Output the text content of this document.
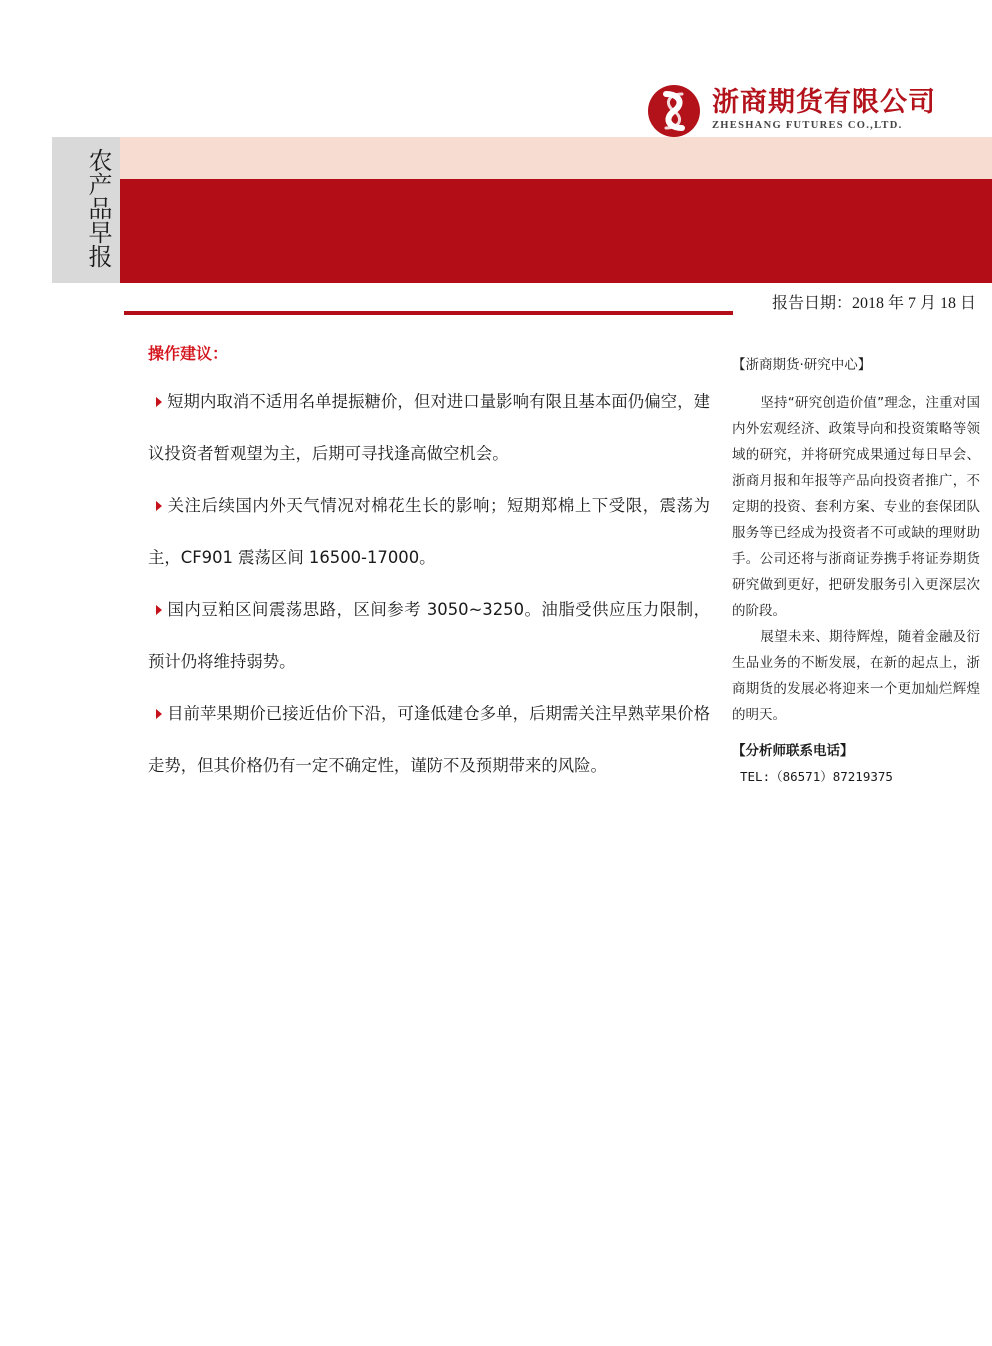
浙商期货有限公司
ZHESHANG FUTURES CO.,LTD.
农产品早报
报告日期：2018 年 7 月 18 日
操作建议：
短期内取消不适用名单提振糖价，但对进口量影响有限且基本面仍偏空，建议投资者暂观望为主，后期可寻找逢高做空机会。
关注后续国内外天气情况对棉花生长的影响；短期郑棉上下受限，震荡为主，CF901 震荡区间 16500-17000。
国内豆粕区间震荡思路，区间参考 3050~3250。油脂受供应压力限制，预计仍将维持弱势。
目前苹果期价已接近估价下沿，可逢低建仓多单，后期需关注早熟苹果价格走势，但其价格仍有一定不确定性，谨防不及预期带来的风险。
【浙商期货·研究中心】

坚持“研究创造价值”理念，注重对国内外宏观经济、政策导向和投资策略等领域的研究，并将研究成果通过每日早会、浙商月报和年报等产品向投资者推广，不定期的投资、套利方案、专业的套保团队服务等已经成为投资者不可或缺的理财助手。公司还将与浙商证券携手将证券期货研究做到更好，把研发服务引入更深层次的阶段。

展望未来、期待辉煌，随着金融及衍生品业务的不断发展，在新的起点上，浙商期货的发展必将迎来一个更加灿烂辉煌的明天。

【分析师联系电话】
TEL:（86571）87219375
